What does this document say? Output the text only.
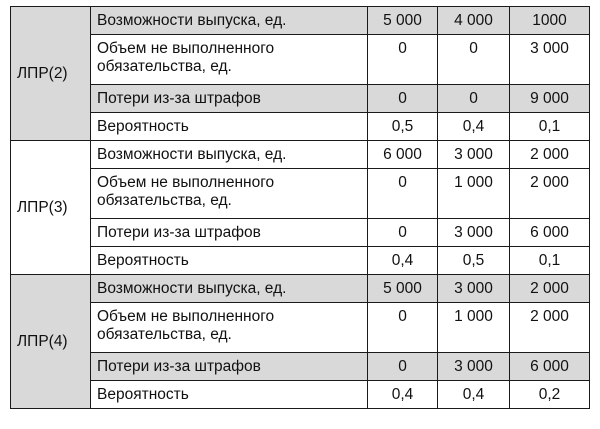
ЛПР(2)	Возможности выпуска, ед.	5 000	4 000	1000
	Объем не выполненного обязательства, ед.	0	0	3 000
	Потери из-за штрафов	0	0	9 000
	Вероятность	0,5	0,4	0,1
ЛПР(3)	Возможности выпуска, ед.	6 000	3 000	2 000
	Объем не выполненного обязательства, ед.	0	1 000	2 000
	Потери из-за штрафов	0	3 000	6 000
	Вероятность	0,4	0,5	0,1
ЛПР(4)	Возможности выпуска, ед.	5 000	3 000	2 000
	Объем не выполненного обязательства, ед.	0	1 000	2 000
	Потери из-за штрафов	0	3 000	6 000
	Вероятность	0,4	0,4	0,2
